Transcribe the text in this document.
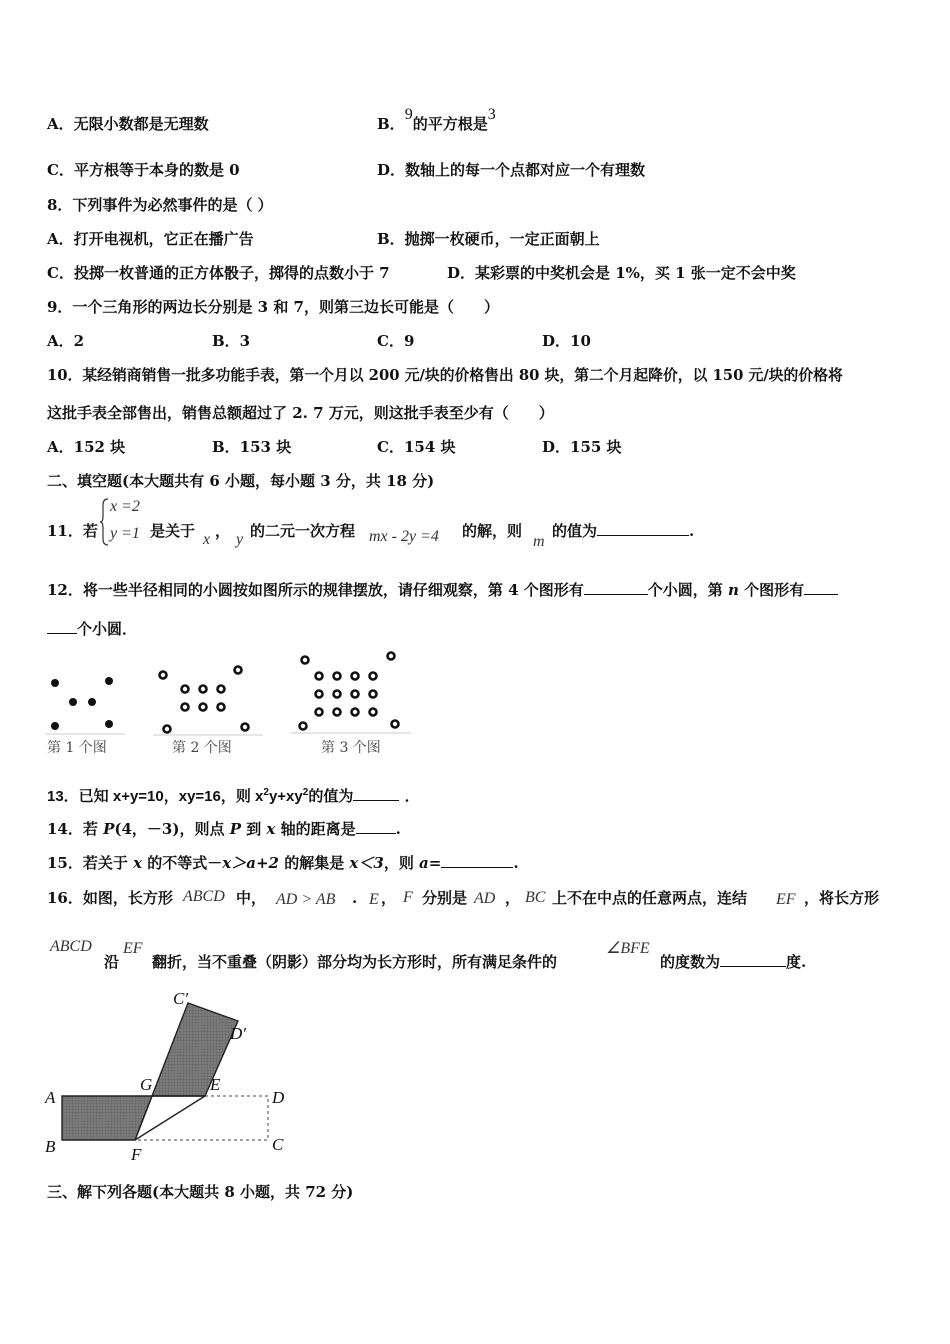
A．无限小数都是无理数	B．9的平方根是3
C．平方根等于本身的数是 0	D．数轴上的每一个点都对应一个有理数
8．下列事件为必然事件的是（ ）
A．打开电视机，它正在播广告	B．抛掷一枚硬币，一定正面朝上
C．投掷一枚普通的正方体骰子，掷得的点数小于 7	D．某彩票的中奖机会是 1%，买 1 张一定不会中奖
9．一个三角形的两边长分别是 3 和 7，则第三边长可能是（　　）
A．2	B．3	C．9	D．10
10．某经销商销售一批多功能手表，第一个月以 200 元/块的价格售出 80 块，第二个月起降价，以 150 元/块的价格将
这批手表全部售出，销售总额超过了 2. 7 万元，则这批手表至少有（　　）
A．152 块	B．153 块	C．154 块	D．155 块
二、填空题(本大题共有 6 小题，每小题 3 分，共 18 分)
11．若
x =2
y =1 是关于 x ， y 的二元一次方程 mx - 2y =4 的解，则
m
的值为	.
12．将一些半径相同的小圆按如图所示的规律摆放，请仔细观察，第 4 个图形有	个小圆，第 n 个图形有
个小圆．
第 1 个图	第 2 个图	第 3 个图
13．已知 x+y=10，xy=16，则 $x^2y+xy^2$的值为	．
14．若 P(4，－3)，则点 P 到 x 轴的距离是	.
15．若关于 x 的不等式－x＞a+2 的解集是 x＜3，则 a=	.
16．如图，长方形 ABCD 中， AD > AB . E ， F 分别是 AD ， BC 上不在中点的任意两点，连结 EF ，将长方形
ABCD
沿
EF
翻折，当不重叠（阴影）部分均为长方形时，所有满足条件的
∠BFE
的度数为	度.
A
B	F
G	E
D
C
C′
D′
三、解下列各题(本大题共 8 小题，共 72 分)
